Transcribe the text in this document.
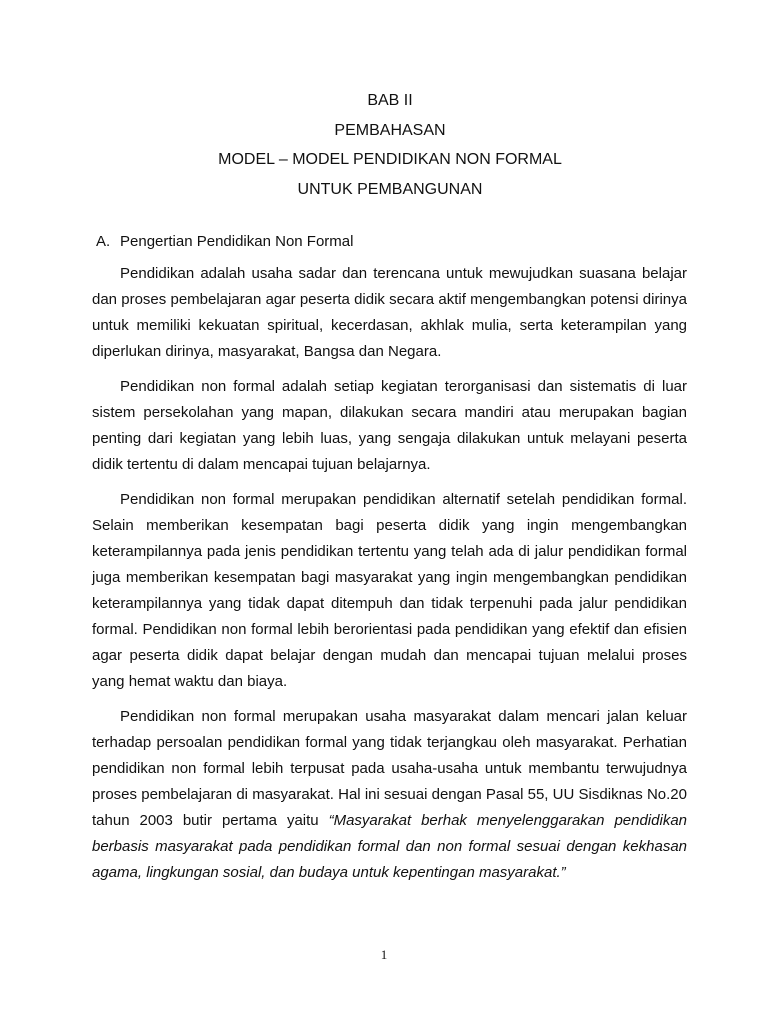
BAB II
PEMBAHASAN
MODEL – MODEL PENDIDIKAN NON FORMAL
UNTUK PEMBANGUNAN
A. Pengertian Pendidikan Non Formal

Pendidikan adalah usaha sadar dan terencana untuk mewujudkan suasana belajar dan proses pembelajaran agar peserta didik secara aktif mengembangkan potensi dirinya untuk memiliki kekuatan spiritual, kecerdasan, akhlak mulia, serta keterampilan yang diperlukan dirinya, masyarakat, Bangsa dan Negara.

Pendidikan non formal adalah setiap kegiatan terorganisasi dan sistematis di luar sistem persekolahan yang mapan, dilakukan secara mandiri atau merupakan bagian penting dari kegiatan yang lebih luas, yang sengaja dilakukan untuk melayani peserta didik tertentu di dalam mencapai tujuan belajarnya.

Pendidikan non formal merupakan pendidikan alternatif setelah pendidikan formal. Selain memberikan kesempatan bagi peserta didik yang ingin mengembangkan keterampilannya pada jenis pendidikan tertentu yang telah ada di jalur pendidikan formal juga memberikan kesempatan bagi masyarakat yang ingin mengembangkan pendidikan keterampilannya yang tidak dapat ditempuh dan tidak terpenuhi pada jalur pendidikan formal. Pendidikan non formal lebih berorientasi pada pendidikan yang efektif dan efisien agar peserta didik dapat belajar dengan mudah dan mencapai tujuan melalui proses yang hemat waktu dan biaya.

Pendidikan non formal merupakan usaha masyarakat dalam mencari jalan keluar terhadap persoalan pendidikan formal yang tidak terjangkau oleh masyarakat. Perhatian pendidikan non formal lebih terpusat pada usaha-usaha untuk membantu terwujudnya proses pembelajaran di masyarakat. Hal ini sesuai dengan Pasal 55, UU Sisdiknas No.20 tahun 2003 butir pertama yaitu “Masyarakat berhak menyelenggarakan pendidikan berbasis masyarakat pada pendidikan formal dan non formal sesuai dengan kekhasan agama, lingkungan sosial, dan budaya untuk kepentingan masyarakat.”

1
